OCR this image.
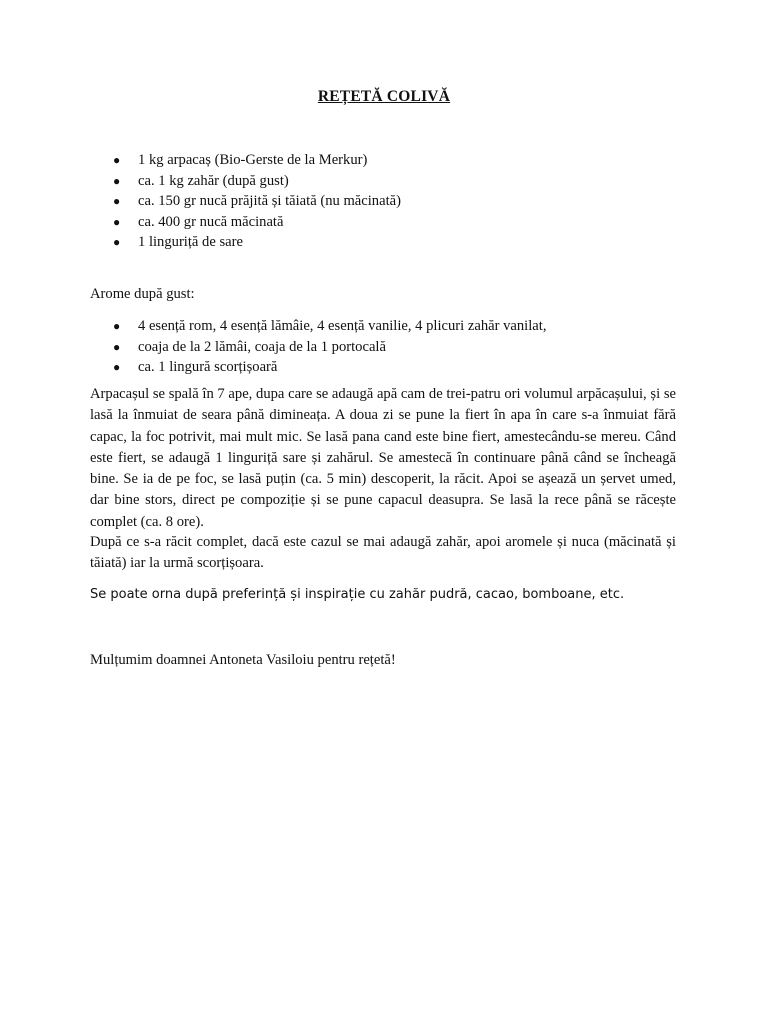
REȚETĂ COLIVĂ
● 1 kg arpacaș (Bio-Gerste de la Merkur)
● ca. 1 kg zahăr (după gust)
● ca. 150 gr nucă prăjită și tăiată (nu măcinată)
● ca. 400 gr nucă măcinată
● 1 linguriță de sare
Arome după gust:
● 4 esență rom, 4 esență lămâie, 4 esență vanilie, 4 plicuri zahăr vanilat,
● coaja de la 2 lămâi, coaja de la 1 portocală
● ca. 1 lingură scorțișoară

Arpacașul se spală în 7 ape, dupa care se adaugă apă cam de trei-patru ori volumul arpăcașului, și se lasă la înmuiat de seara până dimineața. A doua zi se pune la fiert în apa în care s-a înmuiat fără capac, la foc potrivit, mai mult mic. Se lasă pana cand este bine fiert, amestecându-se mereu. Când este fiert, se adaugă 1 linguriță sare și zahărul. Se amestecă în continuare până când se încheagă bine. Se ia de pe foc, se lasă puțin (ca. 5 min) descoperit, la răcit. Apoi se așează un șervet umed, dar bine stors, direct pe compoziție și se pune capacul deasupra. Se lasă la rece până se răcește complet (ca. 8 ore).

După ce s-a răcit complet, dacă este cazul se mai adaugă zahăr, apoi aromele și nuca (măcinată și tăiată) iar la urmă scorțișoara.

Se poate orna după preferință și inspirație cu zahăr pudră, cacao, bomboane, etc.

Mulțumim doamnei Antoneta Vasiloiu pentru rețetă!
